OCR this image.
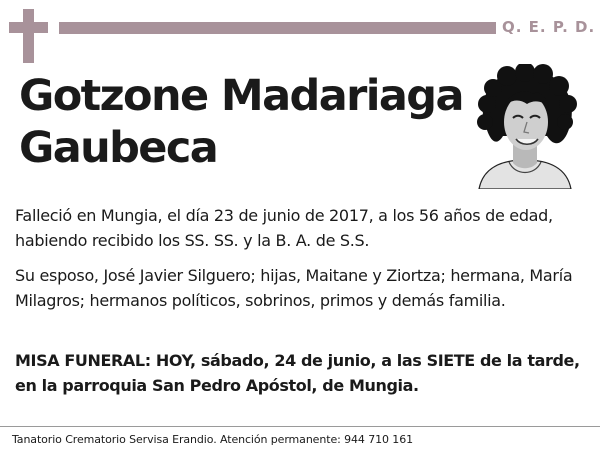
Q. E. P. D.
Gotzone Madariaga
Gaubeca
Falleció en Mungia, el día 23 de junio de 2017, a los 56 años de edad, habiendo recibido los SS. SS. y la B. A. de S.S.
Su esposo, José Javier Silguero; hijas, Maitane y Ziortza; hermana, María Milagros; hermanos políticos, sobrinos, primos y demás familia.
MISA FUNERAL: HOY, sábado, 24 de junio, a las SIETE de la tarde, en la parroquia San Pedro Apóstol, de Mungia.
Tanatorio Crematorio Servisa Erandio. Atención permanente: 944 710 161
